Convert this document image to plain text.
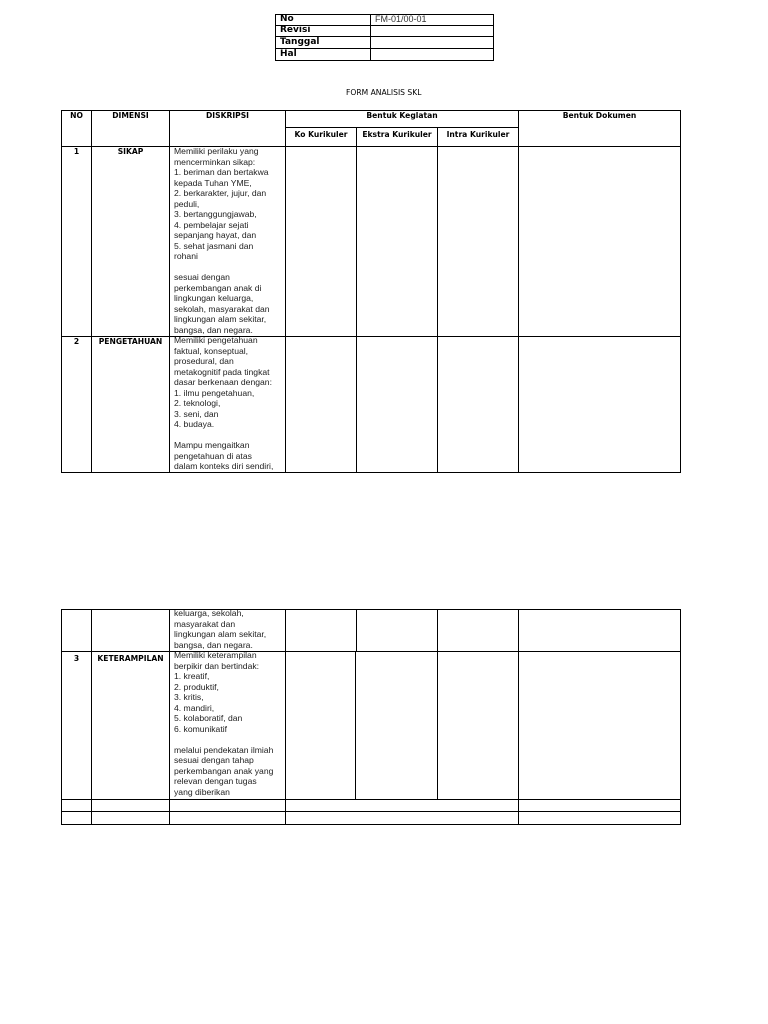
No	FM-01/00-01
Revisi
Tanggal
Hal
FORM ANALISIS SKL
NO	DIMENSI	DISKRIPSI	Bentuk Keglatan
Ko Kurikuler	Ekstra Kurikuler	Intra Kurikuler
Bentuk Dokumen
1	SIKAP	Memiliki perilaku yang
mencerminkan sikap:
1. beriman dan bertakwa
kepada Tuhan YME,
2. berkarakter, jujur, dan
peduli,
3. bertanggungjawab,
4. pembelajar sejati
sepanjang hayat, dan
5. sehat jasmani dan
rohani

sesuai dengan
perkembangan anak di
lingkungan keluarga,
sekolah, masyarakat dan
lingkungan alam sekitar,
bangsa, dan negara.
2	PENGETAHUAN	Memiliki pengetahuan
faktual, konseptual,
prosedural, dan
metakognitif pada tingkat
dasar berkenaan dengan:
1. ilmu pengetahuan,
2. teknologi,
3. seni, dan
4. budaya.

Mampu mengaitkan
pengetahuan di atas
dalam konteks diri sendiri,
keluarga, sekolah,
masyarakat dan
lingkungan alam sekitar,
bangsa, dan negara.
3	KETERAMPILAN	Memiliki keterampilan
berpikir dan bertindak:
1. kreatif,
2. produktif,
3. kritis,
4. mandiri,
5. kolaboratif, dan
6. komunikatif

melalui pendekatan ilmiah
sesuai dengan tahap
perkembangan anak yang
relevan dengan tugas
yang diberikan
